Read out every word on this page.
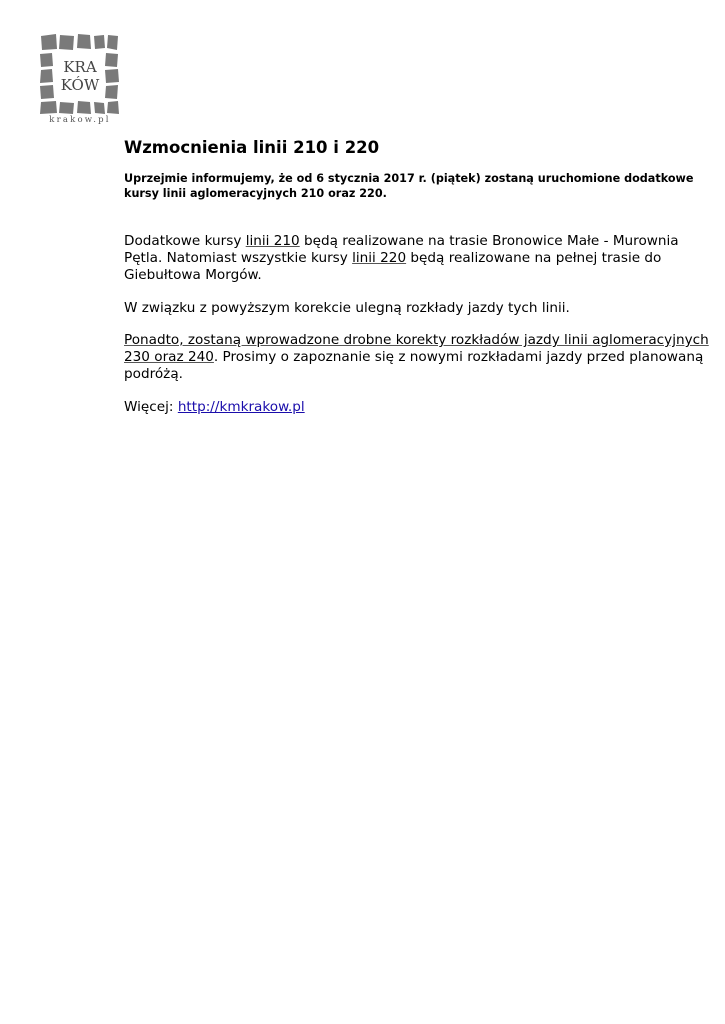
KRA
KÓW
krakow.pl
Wzmocnienia linii 210 i 220

Uprzejmie informujemy, że od 6 stycznia 2017 r. (piątek) zostaną uruchomione dodatkowe kursy linii aglomeracyjnych 210 oraz 220.

Dodatkowe kursy linii 210 będą realizowane na trasie Bronowice Małe - Murownia Pętla. Natomiast wszystkie kursy linii 220 będą realizowane na pełnej trasie do Giebułtowa Morgów.

W związku z powyższym korekcie ulegną rozkłady jazdy tych linii.

Ponadto, zostaną wprowadzone drobne korekty rozkładów jazdy linii aglomeracyjnych 230 oraz 240. Prosimy o zapoznanie się z nowymi rozkładami jazdy przed planowaną podróżą.

Więcej: http://kmkrakow.pl
